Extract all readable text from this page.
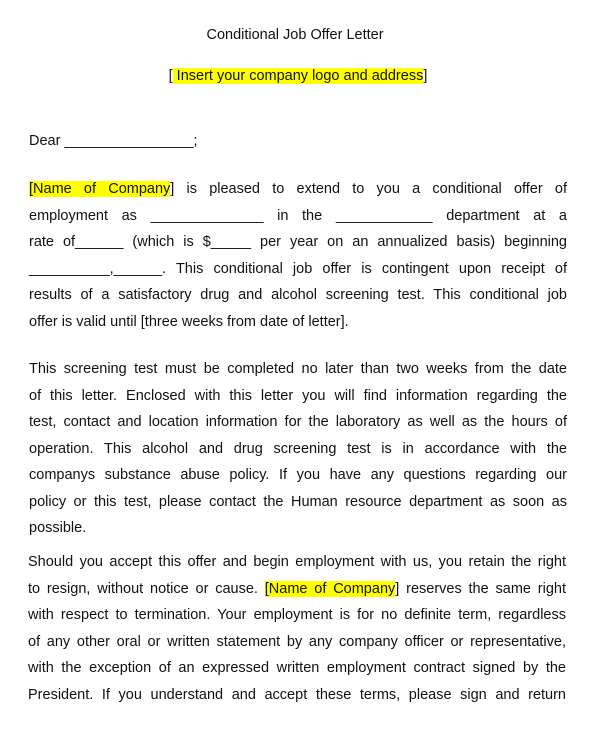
Conditional Job Offer Letter
[ Insert your company logo and address]
Dear ________________;
[Name of Company] is pleased to extend to you a conditional offer of
employment as ______________ in the ____________ department at a
rate of______ (which is $_____ per year on an annualized basis) beginning
__________,______. This conditional job offer is contingent upon receipt of
results of a satisfactory drug and alcohol screening test. This conditional job
offer is valid until [three weeks from date of letter].
This screening test must be completed no later than two weeks from the date
of this letter. Enclosed with this letter you will find information regarding the
test, contact and location information for the laboratory as well as the hours of
operation. This alcohol and drug screening test is in accordance with the
companys substance abuse policy. If you have any questions regarding our
policy or this test, please contact the Human resource department as soon as
possible.
Should you accept this offer and begin employment with us, you retain the right
to resign, without notice or cause. [Name of Company] reserves the same right
with respect to termination. Your employment is for no definite term, regardless
of any other oral or written statement by any company officer or representative,
with the exception of an expressed written employment contract signed by the
President. If you understand and accept these terms, please sign and return
